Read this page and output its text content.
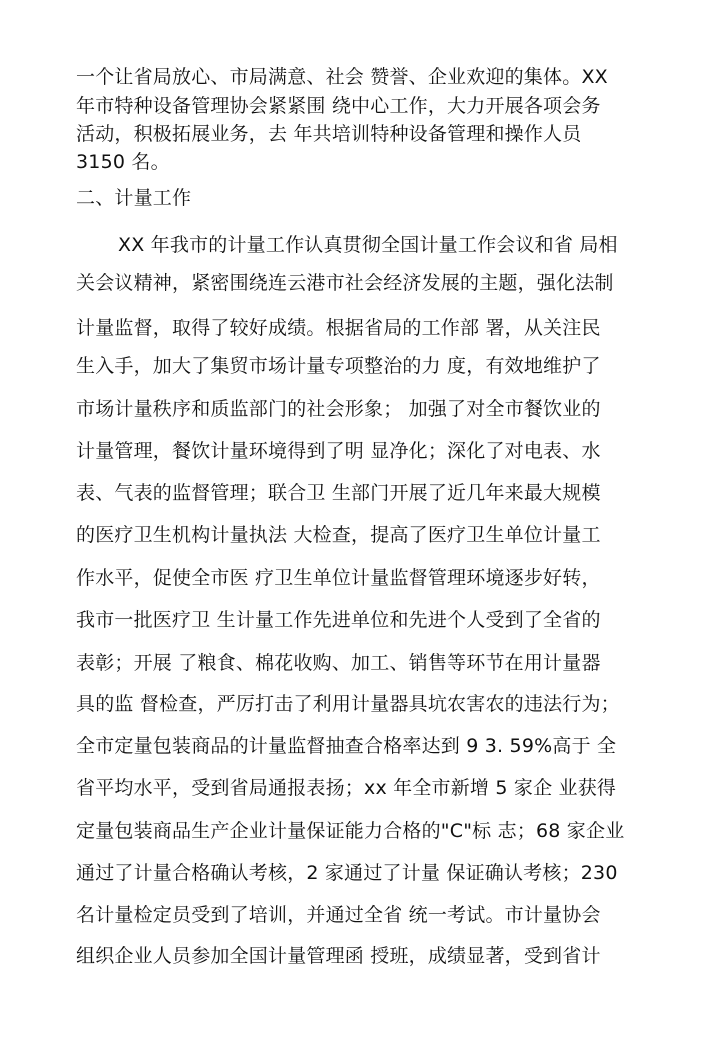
一个让省局放心、市局满意、社会 赞誉、企业欢迎的集体。XX
年市特种设备管理协会紧紧围 绕中心工作，大力开展各项会务
活动，积极拓展业务，去 年共培训特种设备管理和操作人员
3150 名。
二、计量工作
XX 年我市的计量工作认真贯彻全国计量工作会议和省 局相
关会议精神，紧密围绕连云港市社会经济发展的主题，强化法制
计量监督，取得了较好成绩。根据省局的工作部 署，从关注民
生入手，加大了集贸市场计量专项整治的力 度，有效地维护了
市场计量秩序和质监部门的社会形象； 加强了对全市餐饮业的
计量管理，餐饮计量环境得到了明 显净化；深化了对电表、水
表、气表的监督管理；联合卫 生部门开展了近几年来最大规模
的医疗卫生机构计量执法 大检查，提高了医疗卫生单位计量工
作水平，促使全市医 疗卫生单位计量监督管理环境逐步好转，
我市一批医疗卫 生计量工作先进单位和先进个人受到了全省的
表彰；开展 了粮食、棉花收购、加工、销售等环节在用计量器
具的监 督检查，严厉打击了利用计量器具坑农害农的违法行为；
全市定量包装商品的计量监督抽查合格率达到 9 3. 59%高于 全
省平均水平，受到省局通报表扬；xx 年全市新增 5 家企 业获得
定量包装商品生产企业计量保证能力合格的"C"标 志；68 家企业
通过了计量合格确认考核，2 家通过了计量 保证确认考核；230
名计量检定员受到了培训，并通过全省 统一考试。市计量协会
组织企业人员参加全国计量管理函 授班，成绩显著，受到省计
